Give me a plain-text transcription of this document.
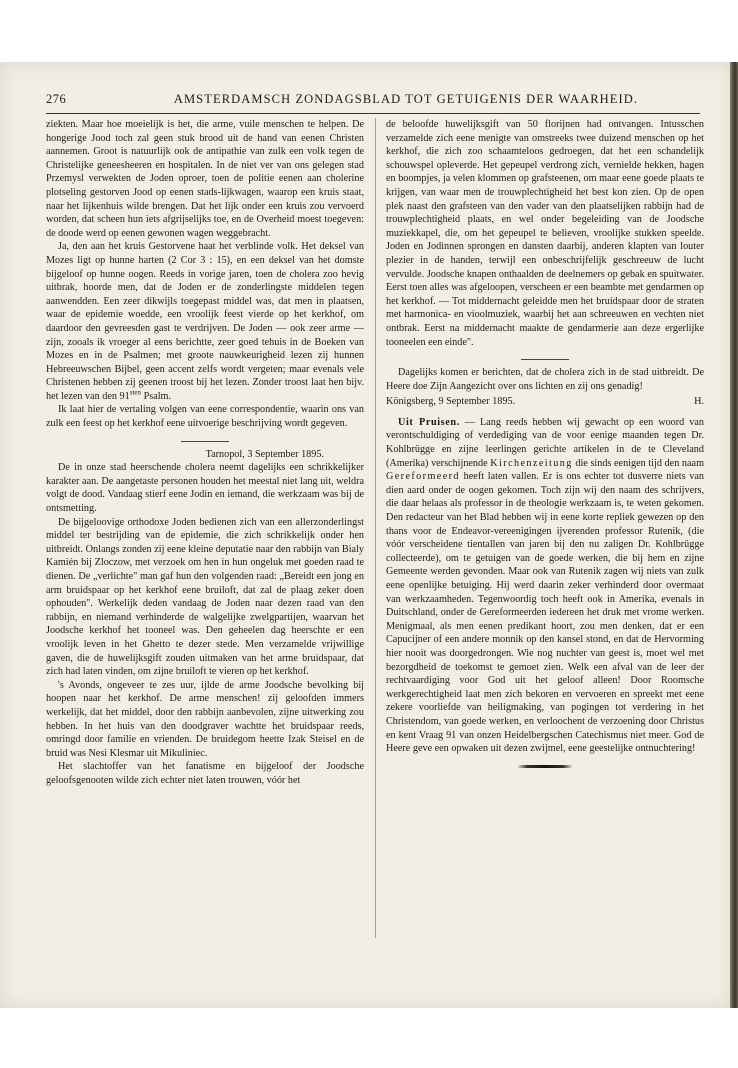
276	AMSTERDAMSCH ZONDAGSBLAD TOT GETUIGENIS DER WAARHEID.

ziekten. Maar hoe moeielijk is het, die arme, vuile menschen te helpen. De hongerige Jood toch zal geen stuk brood uit de hand van eenen Christen aannemen. Groot is natuurlijk ook de antipathie van zulk een volk tegen de Christelijke geneesheeren en hospitalen. In de niet ver van ons gelegen stad Przemysl verwekten de Joden oproer, toen de politie eenen aan cholerine plotseling gestorven Jood op eenen stads-lijkwagen, waarop een kruis staat, naar het lijkenhuis wilde brengen. Dat het lijk onder een kruis zou vervoerd worden, dat scheen hun iets afgrijselijks toe, en de Overheid moest toegeven: de doode werd op eenen gewonen wagen weggebracht.

Ja, den aan het kruis Gestorvene haat het verblinde volk. Het deksel van Mozes ligt op hunne harten (2 Cor 3 : 15), en een deksel van het domste bijgeloof op hunne oogen. Reeds in vorige jaren, toen de cholera zoo hevig uitbrak, hoorde men, dat de Joden er de zonderlingste middelen tegen aanwendden. Een zeer dikwijls toegepast middel was, dat men in plaatsen, waar de epidemie woedde, een vroolijk feest vierde op het kerkhof, om daardoor den gevreesden gast te verdrijven. De Joden — ook zeer arme — zijn, zooals ik vroeger al eens berichtte, zeer goed tehuis in de Boeken van Mozes en in de Psalmen; met groote nauwkeurigheid lezen zij hunnen Hebreeuwschen Bijbel, geen accent zelfs wordt vergeten; maar evenals vele Christenen hebben zij geenen troost bij het lezen. Zonder troost laat hen bijv. het lezen van den $91^{sten}$ Psalm.

Ik laat hier de vertaling volgen van eene correspondentie, waarin ons van zulk een feest op het kerkhof eene uitvoerige beschrijving wordt gegeven.

Tarnopol, 3 September 1895.

De in onze stad heerschende cholera neemt dagelijks een schrikkelijker karakter aan. De aangetaste personen houden het meestal niet lang uit, weldra volgt de dood. Vandaag stierf eene Jodin en iemand, die werkzaam was bij de ontsmetting.

De bijgeloovige orthodoxe Joden bedienen zich van een allerzonderlingst middel ter bestrijding van de epidemie, die zich schrikkelijk onder hen uitbreidt. Onlangs zonden zij eene kleine deputatie naar den rabbijn van Bialy Kamién bij Zloczow, met verzoek om hen in hun ongeluk met goeden raad te dienen. De „verlichte" man gaf hun den volgenden raad: „Bereidt een jong en arm bruidspaar op het kerkhof eene bruiloft, dat zal de plaag zeker doen ophouden". Werkelijk deden vandaag de Joden naar dezen raad van den rabbijn, en niemand verhinderde de walgelijke zwelgpartijen, waarvan het Joodsche kerkhof het tooneel was. Den geheelen dag heerschte er een vroolijk leven in het Ghetto te dezer stede. Men verzamelde vrijwillige gaven, die de huwelijksgift zouden uitmaken van het arme bruidspaar, dat zich had laten vinden, om zijne bruiloft te vieren op het kerkhof.

's Avonds, ongeveer te zes uur, ijlde de arme Joodsche bevolking bij hoopen naar het kerkhof. De arme menschen! zij geloofden immers werkelijk, dat het middel, door den rabbijn aanbevolen, zijne uitwerking zou hebben. In het huis van den doodgraver wachtte het bruidspaar reeds, omringd door familie en vrienden. De bruidegom heette Izak Steisel en de bruid was Nesi Klesmar uit Mikuliniec.

Het slachtoffer van het fanatisme en bijgeloof der Joodsche geloofsgenooten wilde zich echter niet laten trouwen, vóór het

de beloofde huwelijksgift van 50 florijnen had ontvangen. Intusschen verzamelde zich eene menigte van omstreeks twee duizend menschen op het kerkhof, die zich zoo schaamteloos gedroegen, dat het een schandelijk schouwspel opleverde. Het gepeupel verdrong zich, vernielde hekken, hagen en boompjes, ja velen klommen op grafsteenen, om maar eene goede plaats te krijgen, van waar men de trouwplechtigheid het best kon zien. Op de open plek naast den grafsteen van den vader van den plaatselijken rabbijn had de trouwplechtigheid plaats, en wel onder begeleiding van de Joodsche muziekkapel, die, om het gepeupel te believen, vroolijke stukken speelde. Joden en Jodinnen sprongen en dansten daarbij, anderen klapten van louter plezier in de handen, terwijl een onbeschrijfelijk geschreeuw de lucht vervulde. Joodsche knapen onthaalden de deelnemers op gebak en spuitwater. Eerst toen alles was afgeloopen, verscheen er een beambte met gendarmen op het kerkhof. — Tot middernacht geleidde men het bruidspaar door de straten met harmonica- en vioolmuziek, waarbij het aan schreeuwen en vechten niet ontbrak. Eerst na middernacht maakte de gendarmerie aan deze ergerlijke tooneelen een einde".

Dagelijks komen er berichten, dat de cholera zich in de stad uitbreidt. De Heere doe Zijn Aangezicht over ons lichten en zij ons genadig!

Königsberg, 9 September 1895.	H.

Uit Pruisen. — Lang reeds hebben wij gewacht op een woord van verontschuldiging of verdediging van de voor eenige maanden tegen Dr. Kohlbrügge en zijne leerlingen gerichte artikelen in de te Cleveland (Amerika) verschijnende Kirchenzeitung die sinds eenigen tijd den naam Gereformeerd heeft laten vallen. Er is ons echter tot dusverre niets van dien aard onder de oogen gekomen. Toch zijn wij den naam des schrijvers, die daar helaas als professor in de theologie werkzaam is, te weten gekomen. Den redacteur van het Blad hebben wij in eene korte repliek gewezen op den thans voor de Endeavor-vereenigingen ijverenden professor Rutenik, (die vóór verscheidene tientallen van jaren bij den nu zaligen Dr. Kohlbrügge collecteerde), om te getuigen van de goede werken, die bij hem en zijne Gemeente werden gevonden. Maar ook van Rutenik zagen wij niets van zulk eene openlijke betuiging. Hij werd daarin zeker verhinderd door overmaat van werkzaamheden. Tegenwoordig toch heeft ook in Amerika, evenals in Duitschland, onder de Gereformeerden iedereen het druk met vrome werken. Menigmaal, als men eenen predikant hoort, zou men denken, dat er een Capucijner of een andere monnik op den kansel stond, en dat de Hervorming hier nooit was doorgedrongen. Wie nog nuchter van geest is, moet wel met bezorgdheid de toekomst te gemoet zien. Welk een afval van de leer der rechtvaardiging voor God uit het geloof alleen! Door Roomsche werkgerechtigheid laat men zich bekoren en vervoeren en spreekt met eene zekere voorliefde van heiligmaking, van pogingen tot verdering in het Christendom, van goede werken, en verloochent de verzoening door Christus en kent Vraag 91 van onzen Heidelbergschen Catechismus niet meer. God de Heere geve een opwaken uit dezen zwijmel, eene geestelijke ontnuchtering!
